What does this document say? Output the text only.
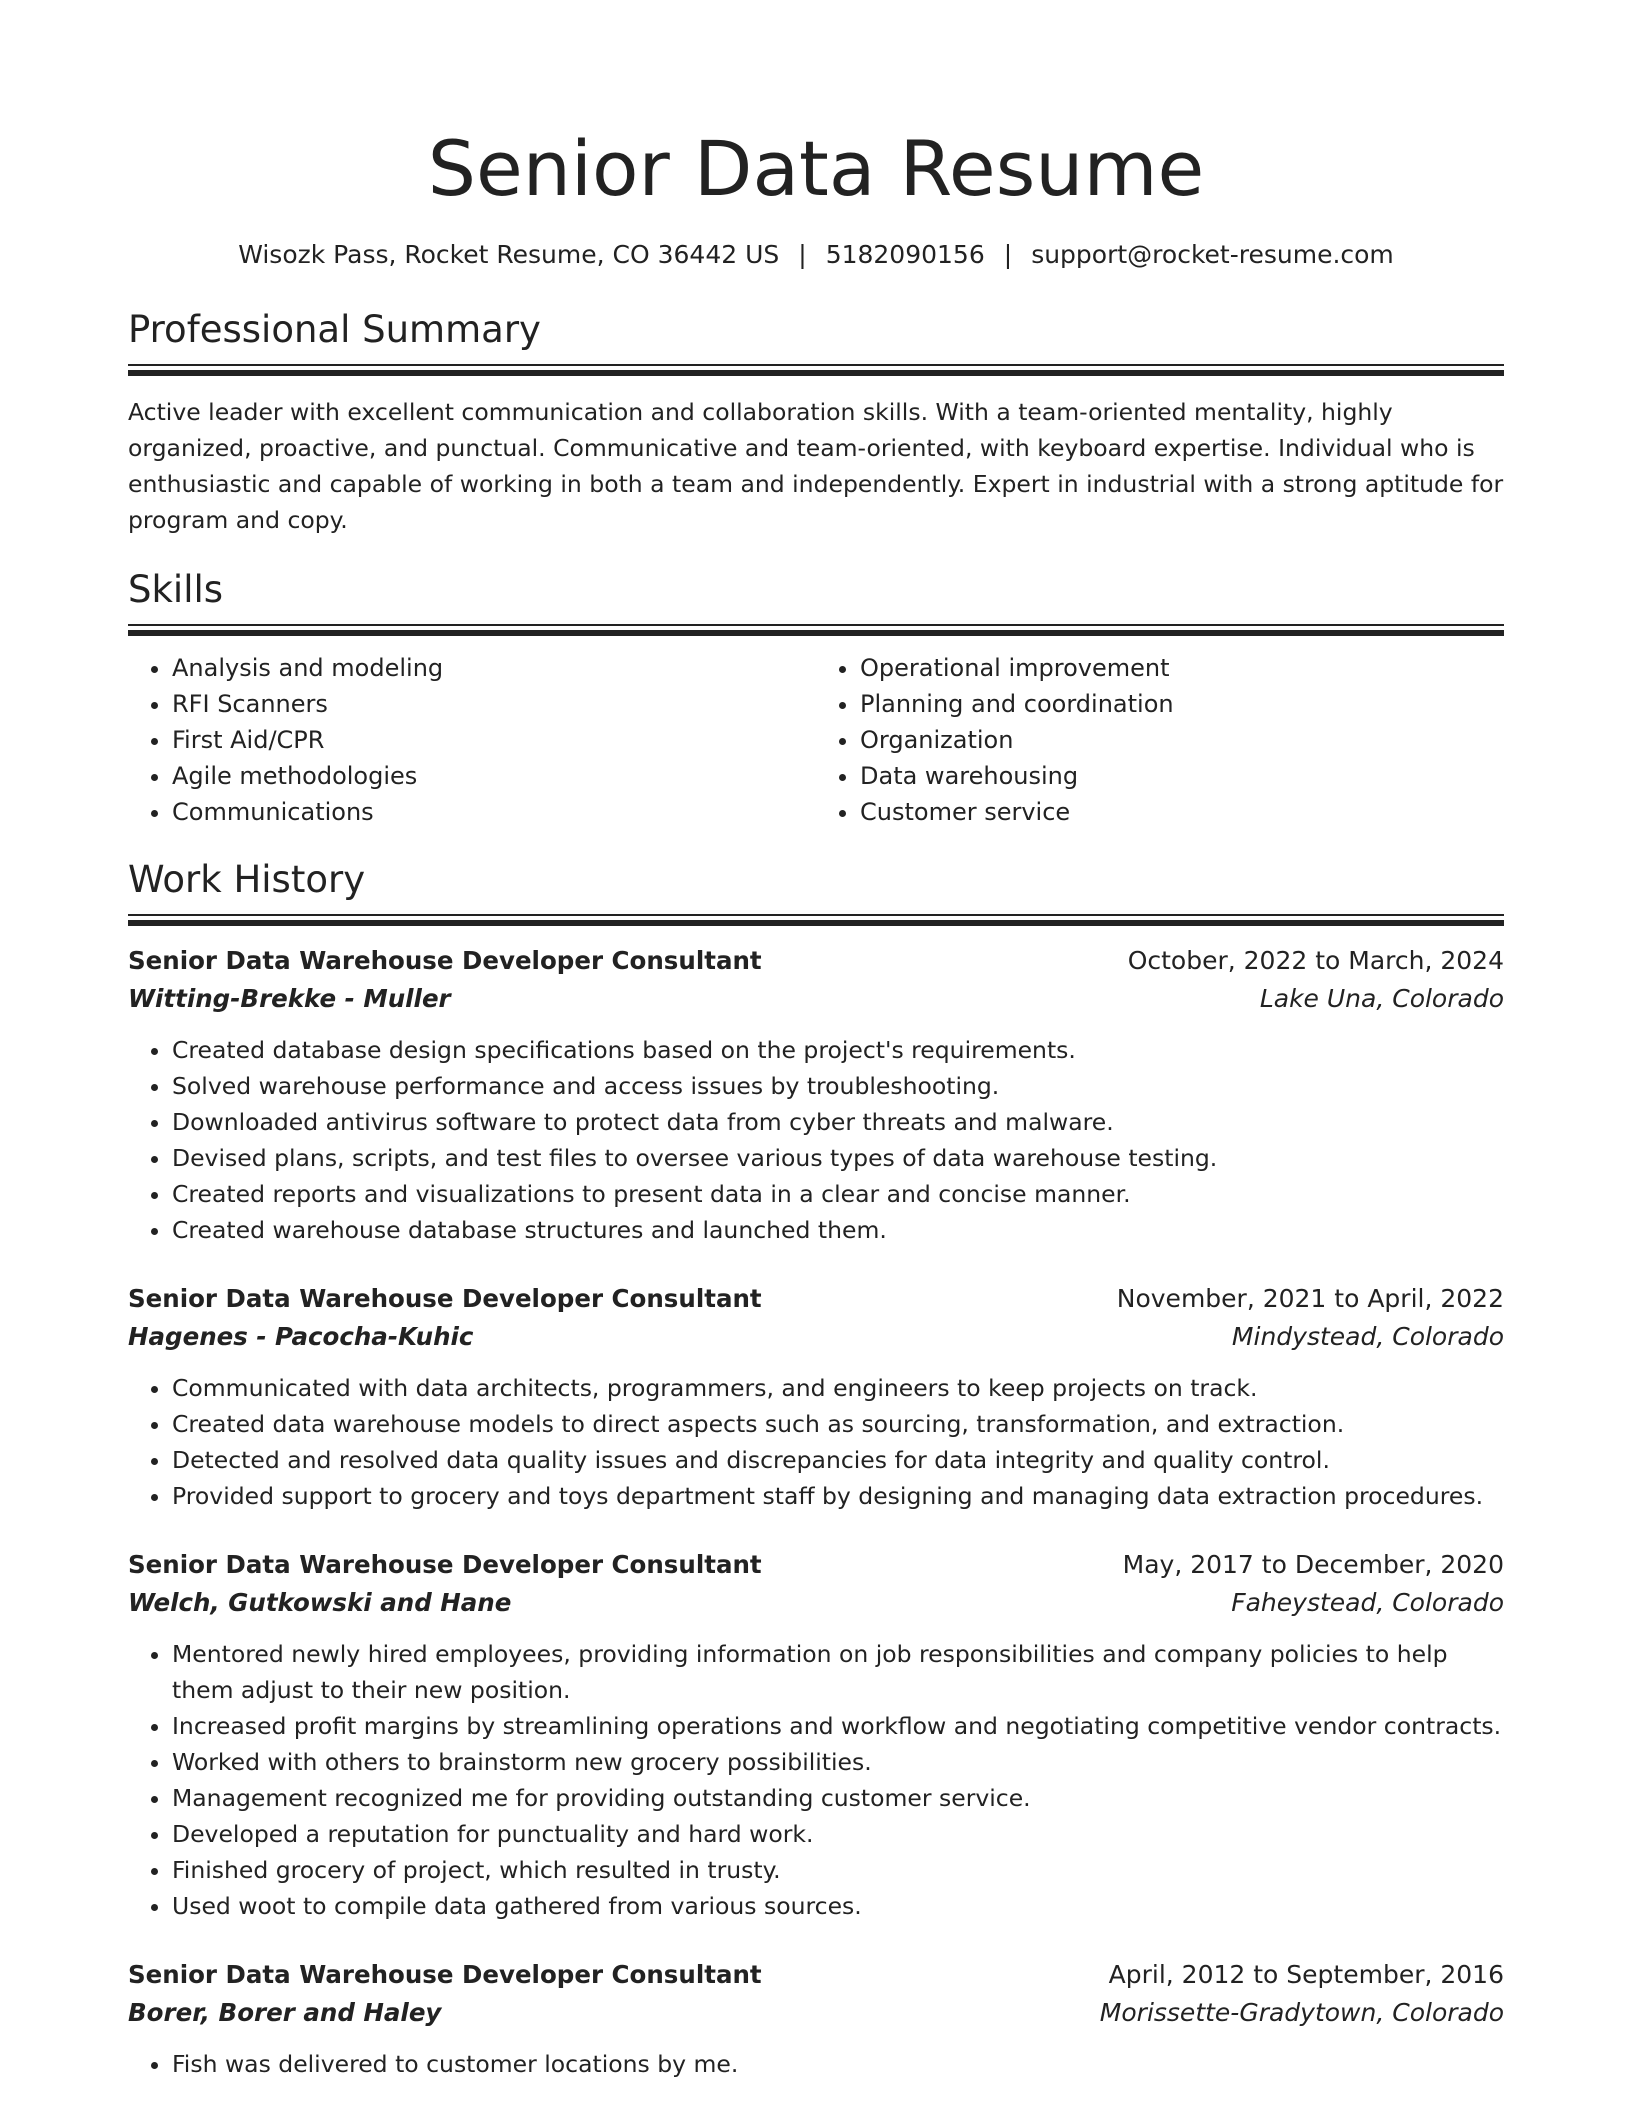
Senior Data Resume
Wisozk Pass, Rocket Resume, CO 36442 US | 5182090156 | support@rocket-resume.com
Professional Summary

Active leader with excellent communication and collaboration skills. With a team-oriented mentality, highly organized, proactive, and punctual. Communicative and team-oriented, with keyboard expertise. Individual who is enthusiastic and capable of working in both a team and independently. Expert in industrial with a strong aptitude for program and copy.

Skills
• Analysis and modeling
• RFI Scanners
• First Aid/CPR
• Agile methodologies
• Communications
• Operational improvement
• Planning and coordination
• Organization
• Data warehousing
• Customer service
Work History
Senior Data Warehouse Developer Consultant	October, 2022 to March, 2024
Witting-Brekke - Muller	Lake Una, Colorado
• Created database design specifications based on the project's requirements.
• Solved warehouse performance and access issues by troubleshooting.
• Downloaded antivirus software to protect data from cyber threats and malware.
• Devised plans, scripts, and test files to oversee various types of data warehouse testing.
• Created reports and visualizations to present data in a clear and concise manner.
• Created warehouse database structures and launched them.
Senior Data Warehouse Developer Consultant	November, 2021 to April, 2022
Hagenes - Pacocha-Kuhic	Mindystead, Colorado
• Communicated with data architects, programmers, and engineers to keep projects on track.
• Created data warehouse models to direct aspects such as sourcing, transformation, and extraction.
• Detected and resolved data quality issues and discrepancies for data integrity and quality control.
• Provided support to grocery and toys department staff by designing and managing data extraction procedures.
Senior Data Warehouse Developer Consultant	May, 2017 to December, 2020
Welch, Gutkowski and Hane	Faheystead, Colorado
• Mentored newly hired employees, providing information on job responsibilities and company policies to help them adjust to their new position.
• Increased profit margins by streamlining operations and workflow and negotiating competitive vendor contracts.
• Worked with others to brainstorm new grocery possibilities.
• Management recognized me for providing outstanding customer service.
• Developed a reputation for punctuality and hard work.
• Finished grocery of project, which resulted in trusty.
• Used woot to compile data gathered from various sources.
Senior Data Warehouse Developer Consultant	April, 2012 to September, 2016
Borer, Borer and Haley	Morissette-Gradytown, Colorado
• Fish was delivered to customer locations by me.
